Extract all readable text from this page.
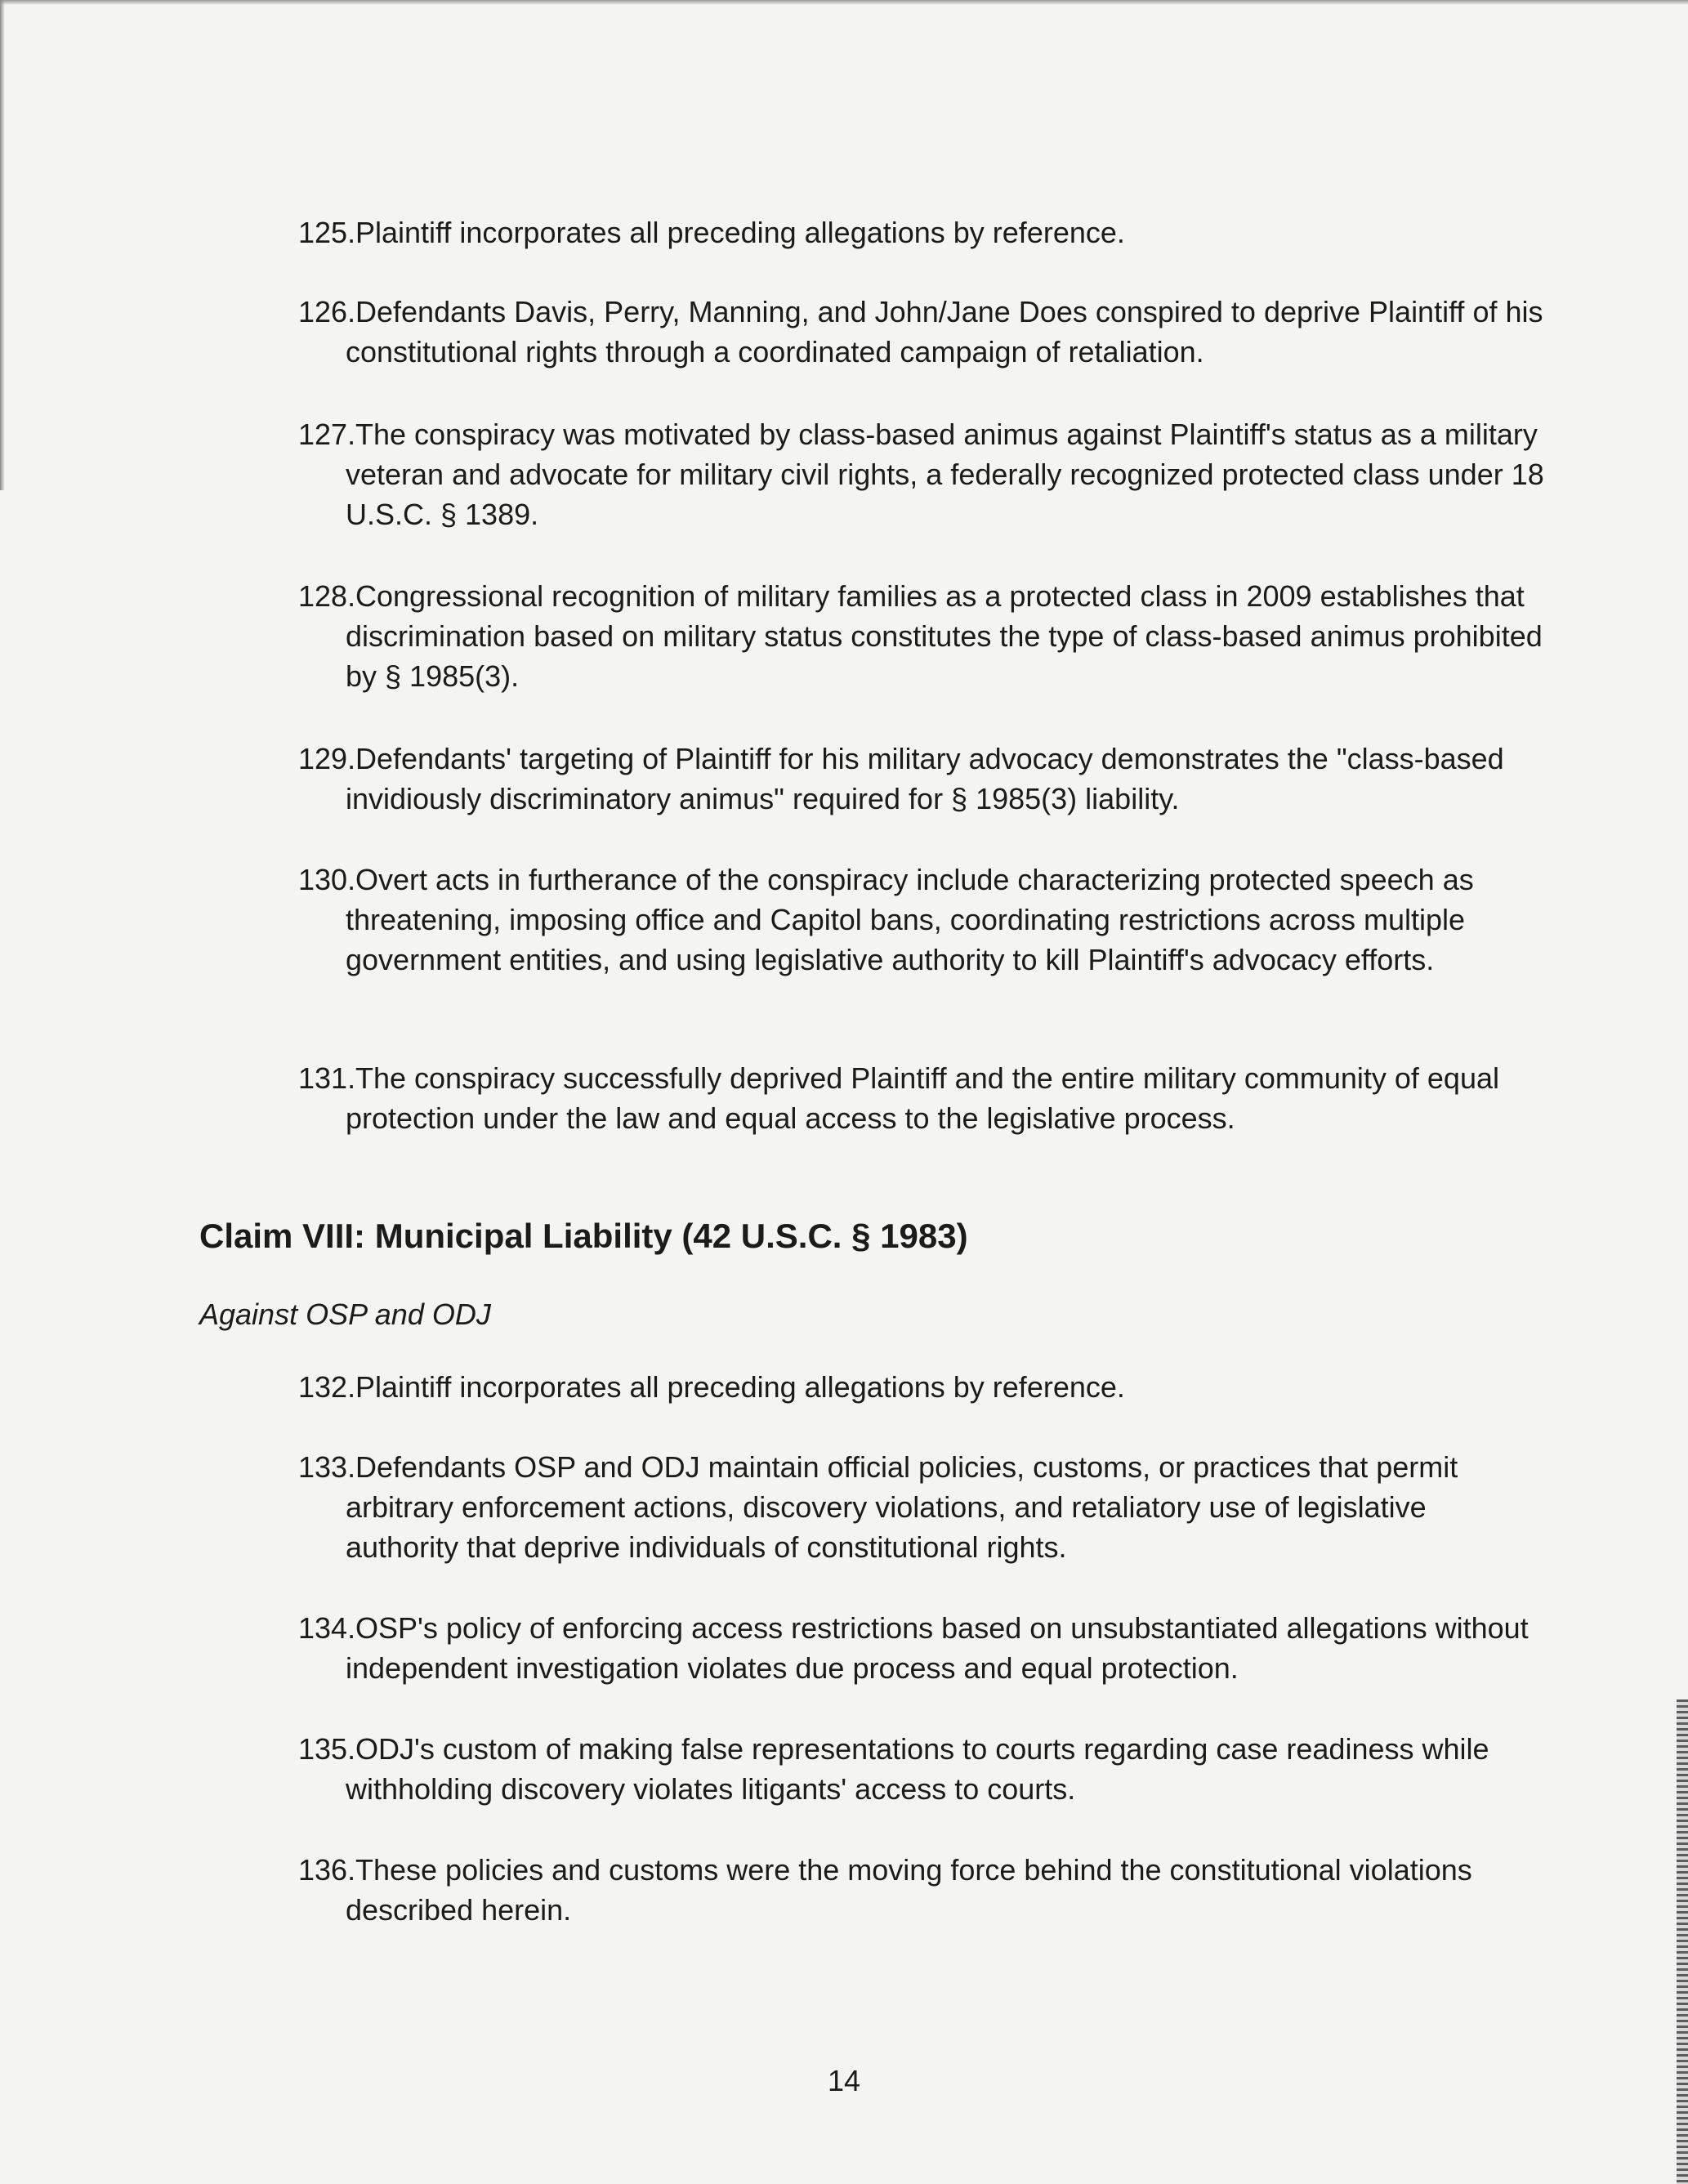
125.Plaintiff incorporates all preceding allegations by reference.
126.Defendants Davis, Perry, Manning, and John/Jane Does conspired to deprive Plaintiff of his constitutional rights through a coordinated campaign of retaliation.
127.The conspiracy was motivated by class-based animus against Plaintiff's status as a military veteran and advocate for military civil rights, a federally recognized protected class under 18 U.S.C. § 1389.
128.Congressional recognition of military families as a protected class in 2009 establishes that discrimination based on military status constitutes the type of class-based animus prohibited by § 1985(3).
129.Defendants' targeting of Plaintiff for his military advocacy demonstrates the "class-based invidiously discriminatory animus" required for § 1985(3) liability.
130.Overt acts in furtherance of the conspiracy include characterizing protected speech as threatening, imposing office and Capitol bans, coordinating restrictions across multiple government entities, and using legislative authority to kill Plaintiff's advocacy efforts.
131.The conspiracy successfully deprived Plaintiff and the entire military community of equal protection under the law and equal access to the legislative process.
Claim VIII: Municipal Liability (42 U.S.C. § 1983)
Against OSP and ODJ
132.Plaintiff incorporates all preceding allegations by reference.
133.Defendants OSP and ODJ maintain official policies, customs, or practices that permit arbitrary enforcement actions, discovery violations, and retaliatory use of legislative authority that deprive individuals of constitutional rights.
134.OSP's policy of enforcing access restrictions based on unsubstantiated allegations without independent investigation violates due process and equal protection.
135.ODJ's custom of making false representations to courts regarding case readiness while withholding discovery violates litigants' access to courts.
136.These policies and customs were the moving force behind the constitutional violations described herein.
14
